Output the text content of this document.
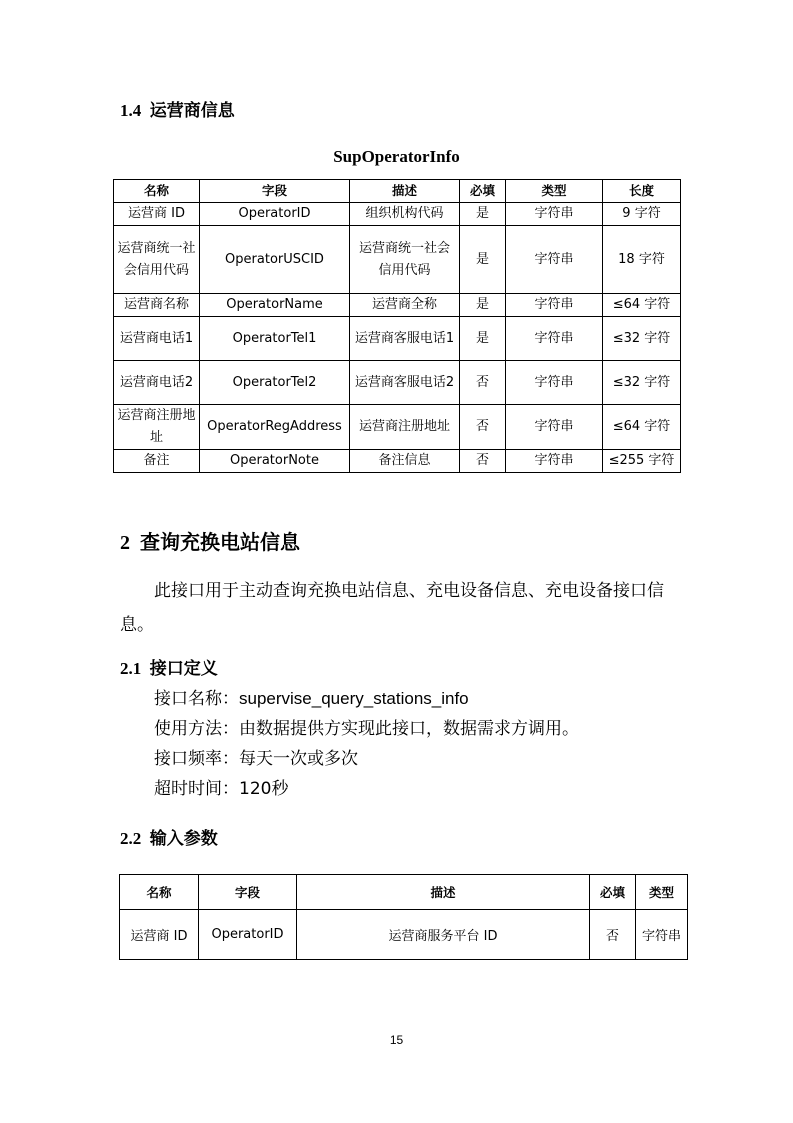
1.4 运营商信息
SupOperatorInfo
名称	字段	描述	必填	类型	长度
运营商 ID	OperatorID	组织机构代码	是	字符串	9 字符
运营商统一社会信用代码	OperatorUSCID	运营商统一社会信用代码	是	字符串	18 字符
运营商名称	OperatorName	运营商全称	是	字符串	≤64 字符
运营商电话1	OperatorTel1	运营商客服电话1	是	字符串	≤32 字符
运营商电话2	OperatorTel2	运营商客服电话2	否	字符串	≤32 字符
运营商注册地址	OperatorRegAddress	运营商注册地址	否	字符串	≤64 字符
备注	OperatorNote	备注信息	否	字符串	≤255 字符
2 查询充换电站信息
此接口用于主动查询充换电站信息、充电设备信息、充电设备接口信息。
2.1 接口定义
接口名称：supervise_query_stations_info
使用方法：由数据提供方实现此接口，数据需求方调用。
接口频率：每天一次或多次
超时时间：120秒
2.2 输入参数
名称	字段	描述	必填	类型
运营商 ID	OperatorID	运营商服务平台 ID	否	字符串
15
